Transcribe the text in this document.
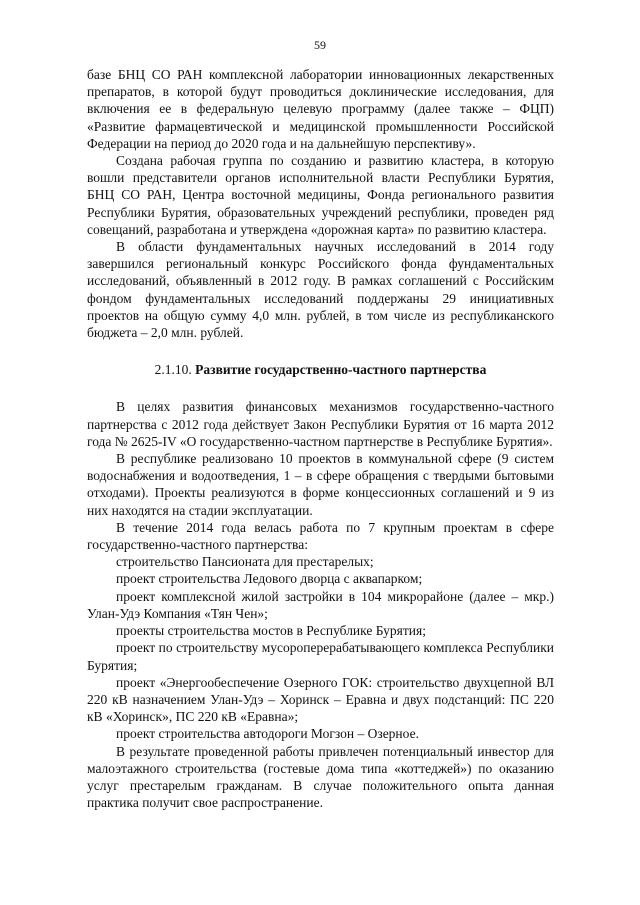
59

базе БНЦ СО РАН комплексной лаборатории инновационных лекарственных препаратов, в которой будут проводиться доклинические исследования, для включения ее в федеральную целевую программу (далее также – ФЦП) «Развитие фармацевтической и медицинской промышленности Российской Федерации на период до 2020 года и на дальнейшую перспективу».

Создана рабочая группа по созданию и развитию кластера, в которую вошли представители органов исполнительной власти Республики Бурятия, БНЦ СО РАН, Центра восточной медицины, Фонда регионального развития Республики Бурятия, образовательных учреждений республики, проведен ряд совещаний, разработана и утверждена «дорожная карта» по развитию кластера.

В области фундаментальных научных исследований в 2014 году завершился региональный конкурс Российского фонда фундаментальных исследований, объявленный в 2012 году. В рамках соглашений с Российским фондом фундаментальных исследований поддержаны 29 инициативных проектов на общую сумму 4,0 млн. рублей, в том числе из республиканского бюджета – 2,0 млн. рублей.

2.1.10. Развитие государственно-частного партнерства

В целях развития финансовых механизмов государственно-частного партнерства с 2012 года действует Закон Республики Бурятия от 16 марта 2012 года № 2625-IV «О государственно-частном партнерстве в Республике Бурятия».

В республике реализовано 10 проектов в коммунальной сфере (9 систем водоснабжения и водоотведения, 1 – в сфере обращения с твердыми бытовыми отходами). Проекты реализуются в форме концессионных соглашений и 9 из них находятся на стадии эксплуатации.

В течение 2014 года велась работа по 7 крупным проектам в сфере государственно-частного партнерства:

строительство Пансионата для престарелых;

проект строительства Ледового дворца с аквапарком;

проект комплексной жилой застройки в 104 микрорайоне (далее – мкр.) Улан-Удэ Компания «Тян Чен»;

проекты строительства мостов в Республике Бурятия;

проект по строительству мусороперерабатывающего комплекса Республики Бурятия;

проект «Энергообеспечение Озерного ГОК: строительство двухцепной ВЛ 220 кВ назначением Улан-Удэ – Хоринск – Еравна и двух подстанций: ПС 220 кВ «Хоринск», ПС 220 кВ «Еравна»;

проект строительства автодороги Могзон – Озерное.

В результате проведенной работы привлечен потенциальный инвестор для малоэтажного строительства (гостевые дома типа «коттеджей») по оказанию услуг престарелым гражданам. В случае положительного опыта данная практика получит свое распространение.
